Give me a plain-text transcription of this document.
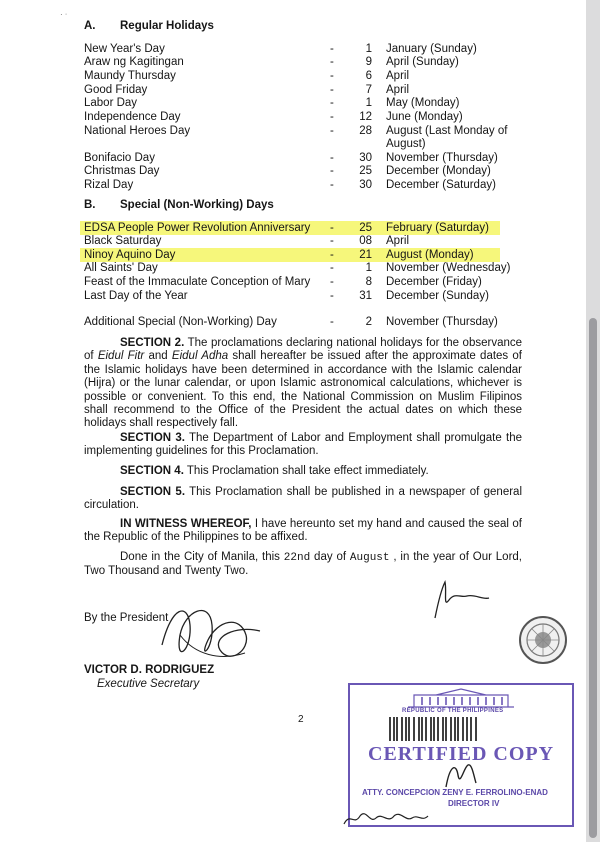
· ᐧ
A. Regular Holidays
New Year's Day	-	1 January (Sunday)
Araw ng Kagitingan	-	9 April (Sunday)
Maundy Thursday	-	6 April
Good Friday	-	7 April
Labor Day	-	1 May (Monday)
Independence Day	-	12 June (Monday)
National Heroes Day	-	28 August (Last Monday of
August)
Bonifacio Day	-	30 November (Thursday)
Christmas Day	-	25 December (Monday)
Rizal Day	-	30 December (Saturday)
B. Special (Non-Working) Days
EDSA People Power Revolution Anniversary -	25 February (Saturday)
Black Saturday	-	08 April
Ninoy Aquino Day	-	21 August (Monday)
All Saints' Day	-	1 November (Wednesday)
Feast of the Immaculate Conception of Mary -	8 December (Friday)
Last Day of the Year	-	31 December (Sunday)
Additional Special (Non-Working) Day	-	2 November (Thursday)

SECTION 2. The proclamations declaring national holidays for the observance of Eidul Fitr and Eidul Adha shall hereafter be issued after the approximate dates of the Islamic holidays have been determined in accordance with the Islamic calendar (Hijra) or the lunar calendar, or upon Islamic astronomical calculations, whichever is possible or convenient. To this end, the National Commission on Muslim Filipinos shall recommend to the Office of the President the actual dates on which these holidays shall respectively fall.

SECTION 3. The Department of Labor and Employment shall promulgate the implementing guidelines for this Proclamation.

SECTION 4. This Proclamation shall take effect immediately.

SECTION 5. This Proclamation shall be published in a newspaper of general circulation.

IN WITNESS WHEREOF, I have hereunto set my hand and caused the seal of the Republic of the Philippines to be affixed.

Done in the City of Manila, this 22nd day of August , in the year of Our Lord, Two Thousand and Twenty Two.

By the President
VICTOR D. RODRIGUEZ
Executive Secretary
2
REPUBLIC OF THE PHILIPPINES
CERTIFIED COPY
ATTY. CONCEPCION ZENY E. FERROLINO-ENAD
DIRECTOR IV
